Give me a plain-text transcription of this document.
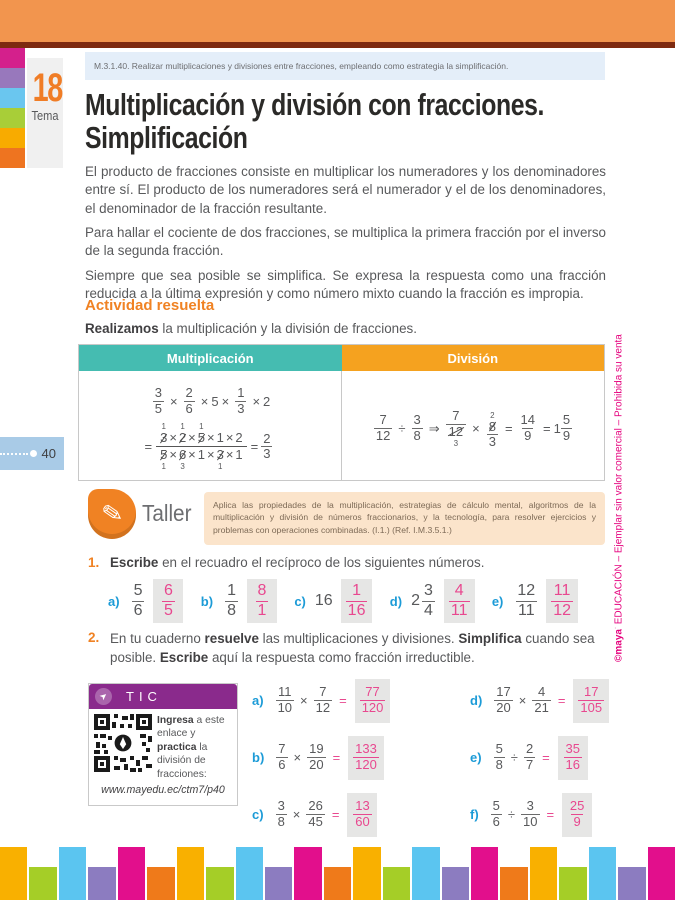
18
Tema
M.3.1.40. Realizar multiplicaciones y divisiones entre fracciones, empleando como estrategia la simplificación.
Multiplicación y división con fracciones.
Simplificación

El producto de fracciones consiste en multiplicar los numeradores y los denominadores entre sí. El producto de los numeradores será el numerador y el de los denominadores, el denominador de la fracción resultante.

Para hallar el cociente de dos fracciones, se multiplica la primera fracción por el inverso de la segunda fracción.

Siempre que sea posible se simplifica. Se expresa la respuesta como una fracción reducida a la última expresión y como número mixto cuando la fracción es impropia.

Actividad resuelta
Realizamos la multiplicación y la división de fracciones.
Multiplicación	División
$\frac{3}{5} \times \frac{2}{6} \times 5 \times \frac{1}{3} \times 2$
=
1
3 ×
1
2 ×
1
5 × 1 × 2
5
1
× 6
3
× 1 × 3
1
× 1
= $\frac{2}{3}$
$\frac{7}{12} \div \frac{3}{8}$ ⇒ 7
12
3 × 2
8
$3 = \frac{14}{9} = 1 \frac{5}{9}$
40
✎ Taller	Aplica las propiedades de la multiplicación, estrategias de cálculo mental, algoritmos de la multiplicación y división de números fraccionarios, y la tecnología, para resolver ejercicios y problemas con operaciones combinadas. (I.1.) (Ref. I.M.3.5.1.)
1. Escribe en el recuadro el recíproco de los siguientes números.
$a) \frac{5}{6} \frac{6}{5} b) \frac{1}{8} \frac{8}{1} c$) $16 \frac{1}{16} d$) $2 \frac{3}{4} \frac{4}{11} e) \frac{12}{11} \frac{11}{12}$
2. En tu cuaderno resuelve las multiplicaciones y divisiones. Simplifica cuando sea posible. Escribe aquí la respuesta como fracción irreductible.
$a) \frac{11}{10} \times \frac{7}{12} = \frac{77}{120}$
$b) \frac{7}{6} \times \frac{19}{20} = \frac{133}{120}$
$c) \frac{3}{8} \times \frac{26}{45} = \frac{13}{60}$
$d) \frac{17}{20} \times \frac{4}{21} = \frac{17}{105}$
$e) \frac{5}{8} \div \frac{2}{7} = \frac{35}{16}$
$f) \frac{5}{6} \div \frac{3}{10} = \frac{25}{9}$
➤ TIC
Ingresa a este enlace y practica la división de fracciones:
www.mayedu.ec/ctm7/p40
©maya· EDUCACIÓN – Ejemplar sin valor comercial – Prohibida su venta
